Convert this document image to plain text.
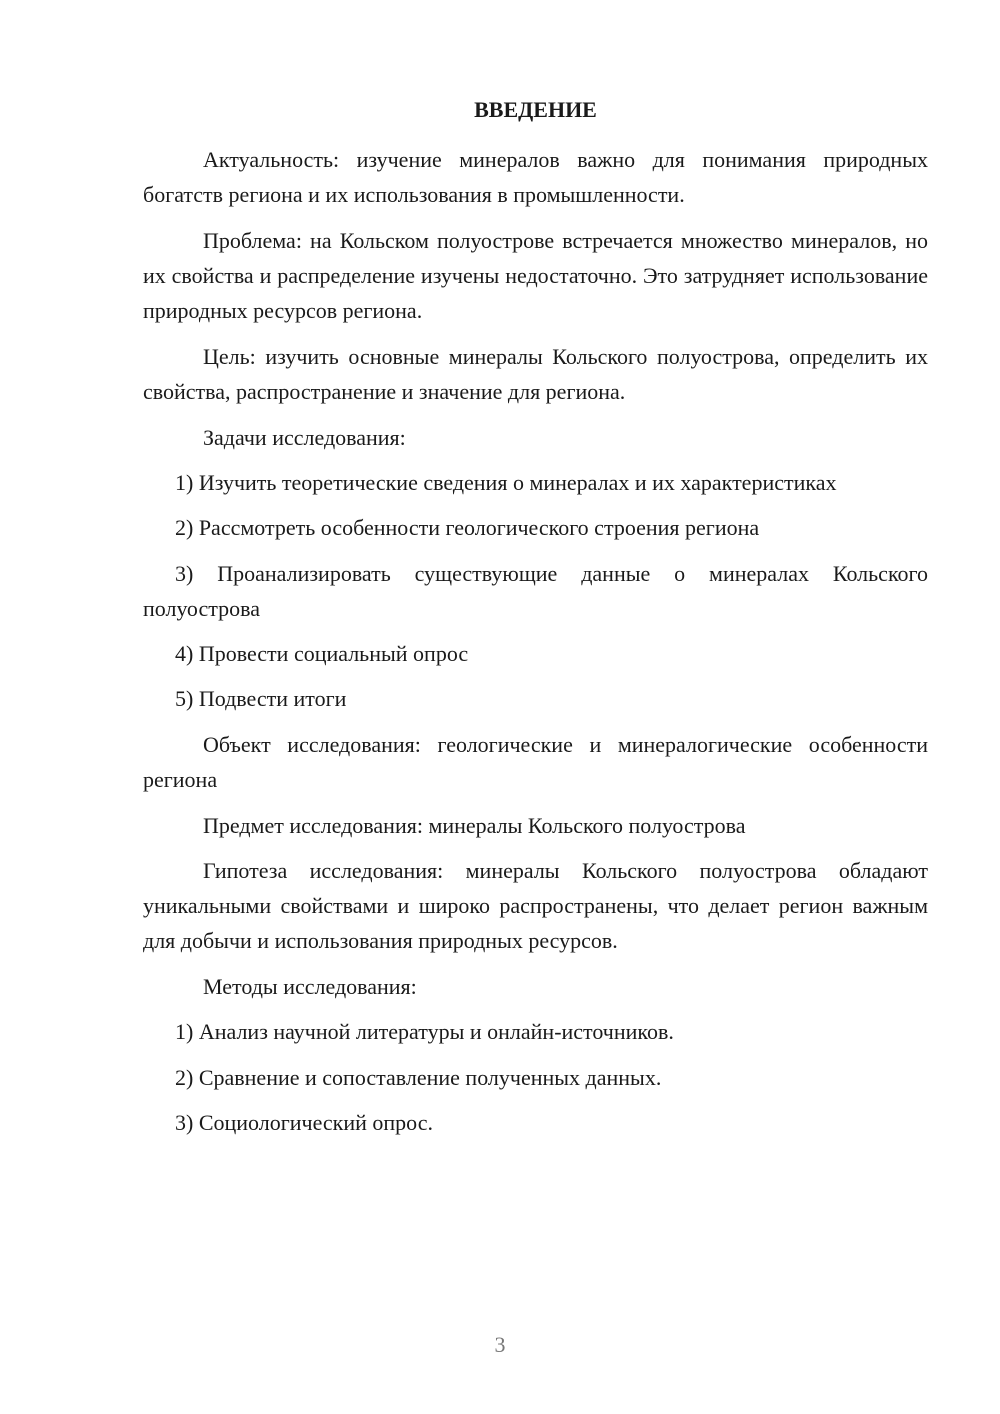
ВВЕДЕНИЕ

Актуальность: изучение минералов важно для понимания природных богатств региона и их использования в промышленности.

Проблема: на Кольском полуострове встречается множество минералов, но их свойства и распределение изучены недостаточно. Это затрудняет использование природных ресурсов региона.

Цель: изучить основные минералы Кольского полуострова, определить их свойства, распространение и значение для региона.

Задачи исследования:

1) Изучить теоретические сведения о минералах и их характеристиках

2) Рассмотреть особенности геологического строения региона

3) Проанализировать существующие данные о минералах Кольского полуострова

4) Провести социальный опрос

5) Подвести итоги

Объект исследования: геологические и минералогические особенности региона

Предмет исследования: минералы Кольского полуострова

Гипотеза исследования: минералы Кольского полуострова обладают уникальными свойствами и широко распространены, что делает регион важным для добычи и использования природных ресурсов.

Методы исследования:

1) Анализ научной литературы и онлайн-источников.

2) Сравнение и сопоставление полученных данных.

3) Социологический опрос.

3
